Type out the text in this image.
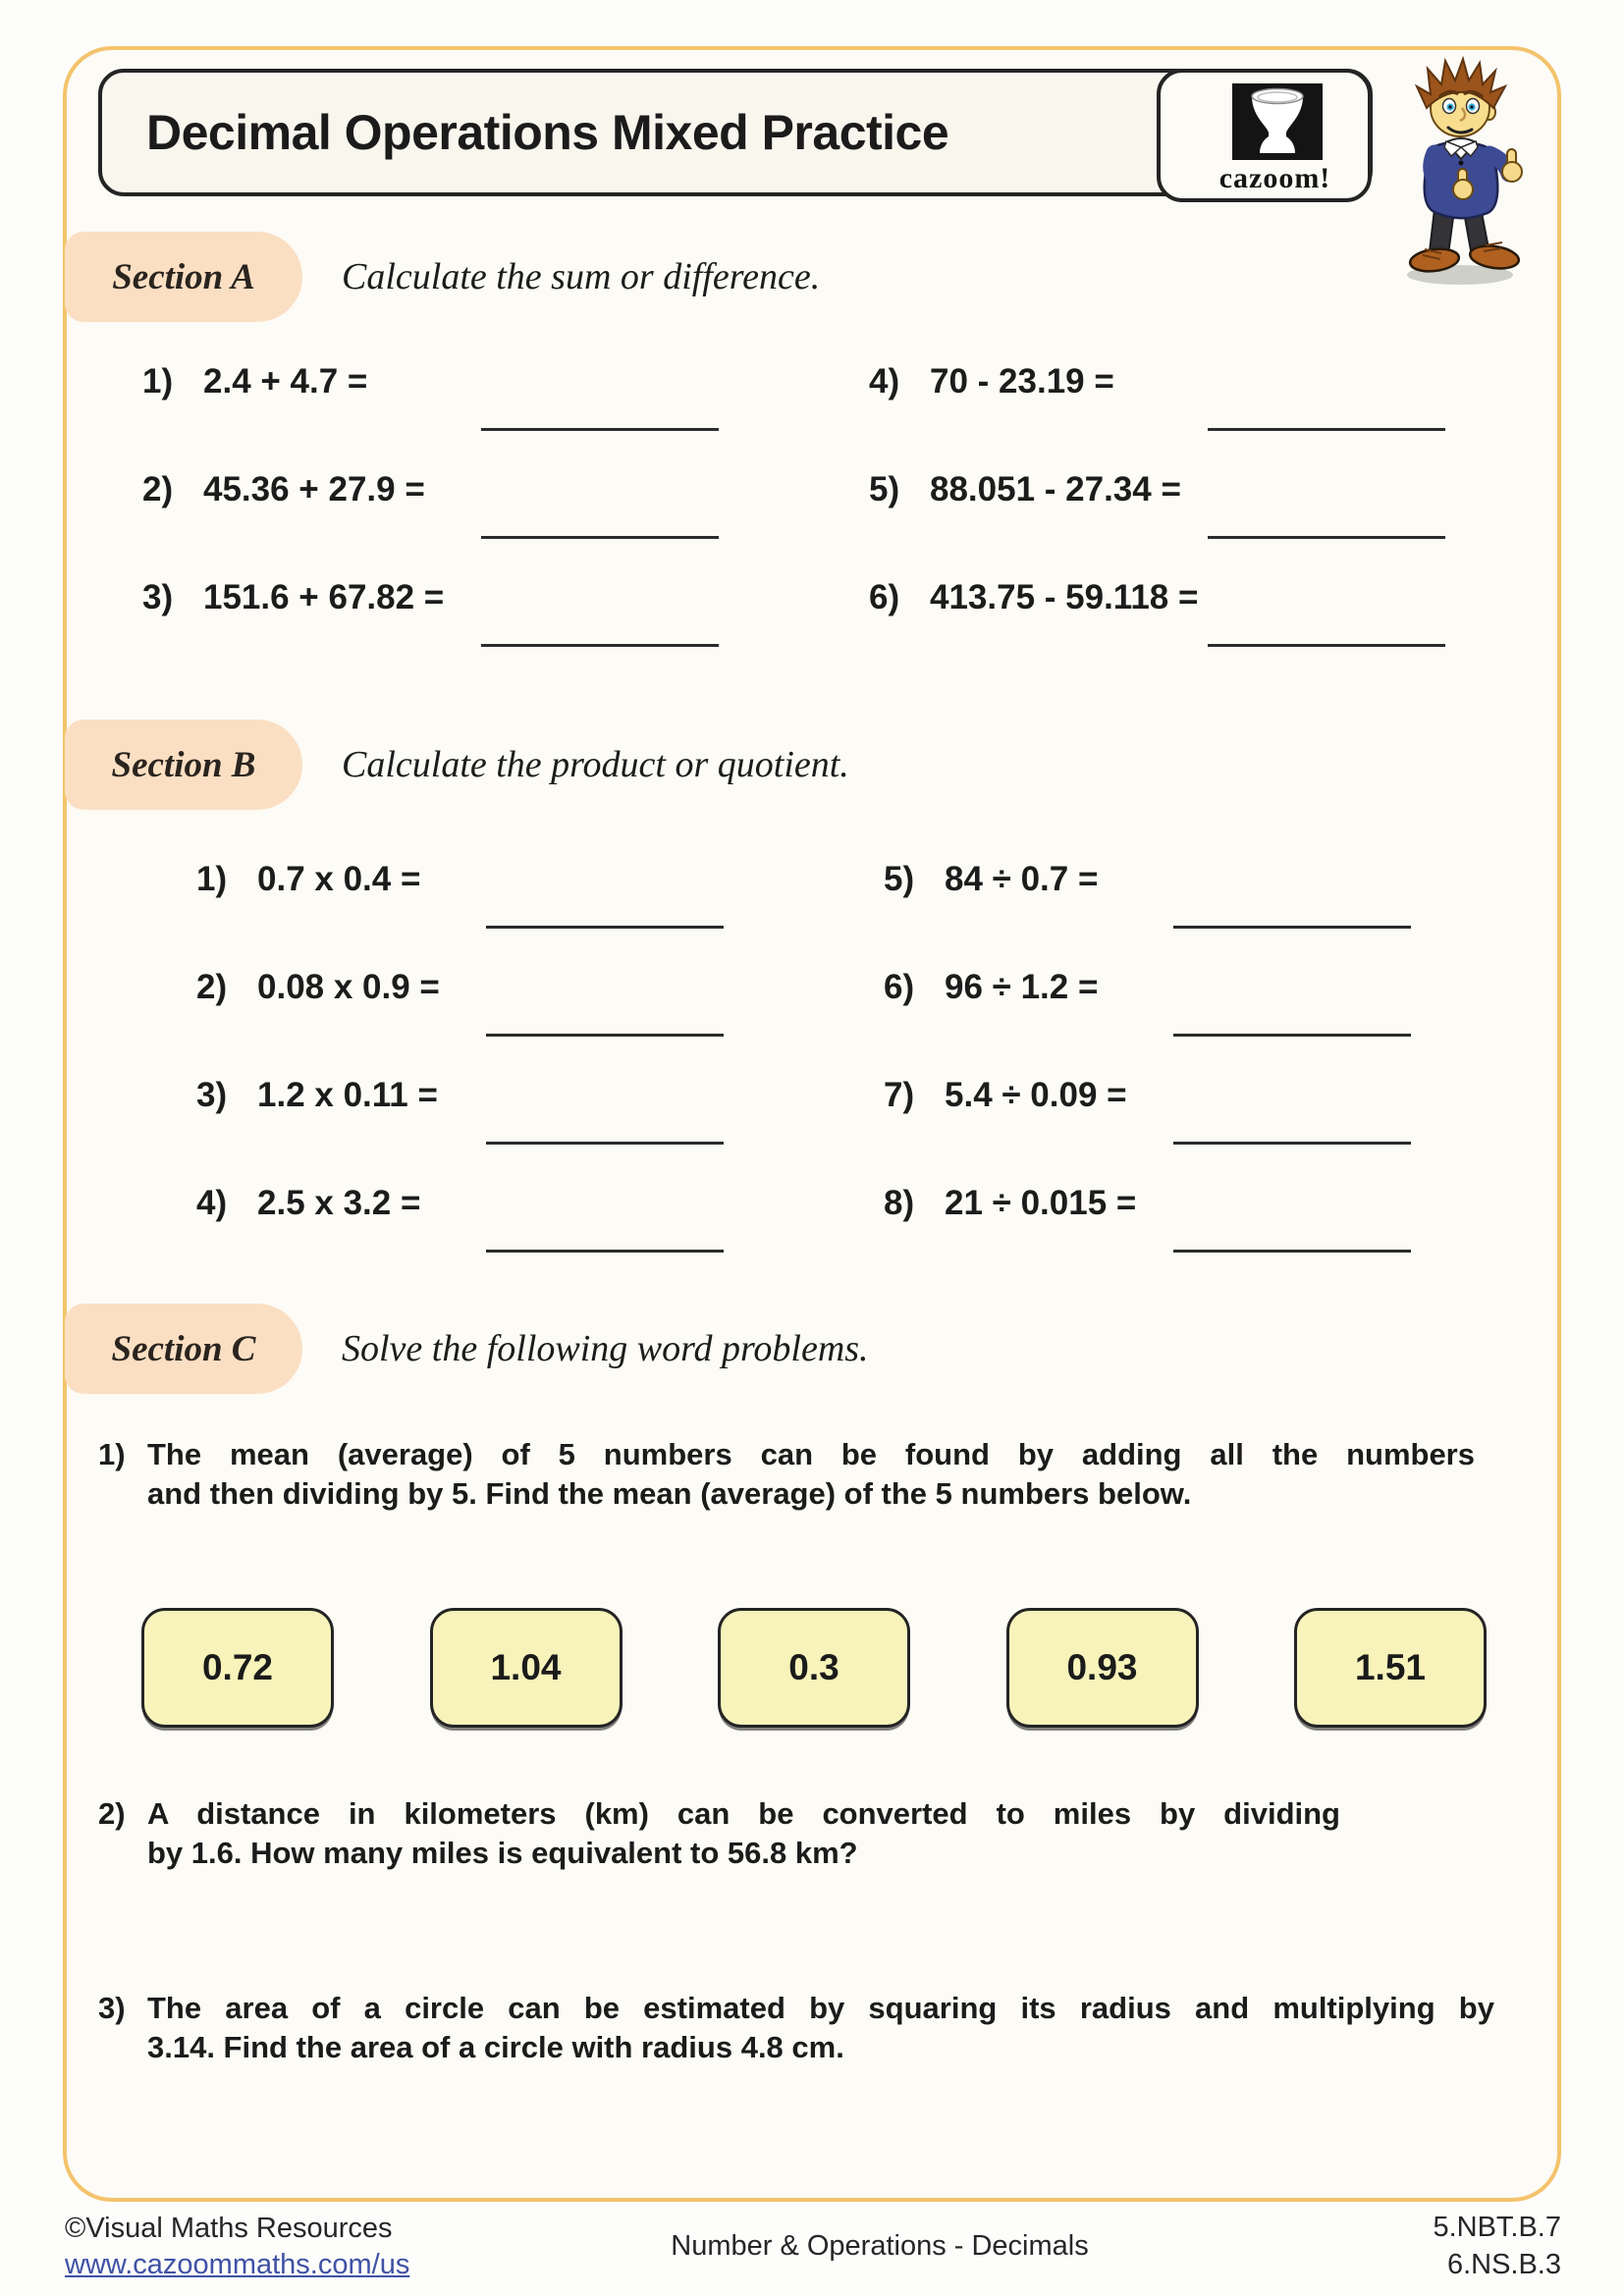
Decimal Operations Mixed Practice
cazoom!
Section A	Calculate the sum or difference.
1) 2.4 + 4.7 =
2) 45.36 + 27.9 =
3) 151.6 + 67.82 =
4) 70 - 23.19 =
5) 88.051 - 27.34 =
6) 413.75 - 59.118 =
Section B	Calculate the product or quotient.
1) 0.7 x 0.4 =
2) 0.08 x 0.9 =
3) 1.2 x 0.11 =
4) 2.5 x 3.2 =
5) 84 ÷ 0.7 =
6) 96 ÷ 1.2 =
7) 5.4 ÷ 0.09 =
8) 21 ÷ 0.015 =
Section C	Solve the following word problems.
1) The mean (average) of 5 numbers can be found by adding all the numbers
and then dividing by 5. Find the mean (average) of the 5 numbers below.
0.72	1.04	0.3	0.93	1.51
2) A distance in kilometers (km) can be converted to miles by dividing
by 1.6. How many miles is equivalent to 56.8 km?
3) The area of a circle can be estimated by squaring its radius and multiplying by
3.14. Find the area of a circle with radius 4.8 cm.
©Visual Maths Resources
www.cazoommaths.com/us
Number & Operations - Decimals
5.NBT.B.7
6.NS.B.3
